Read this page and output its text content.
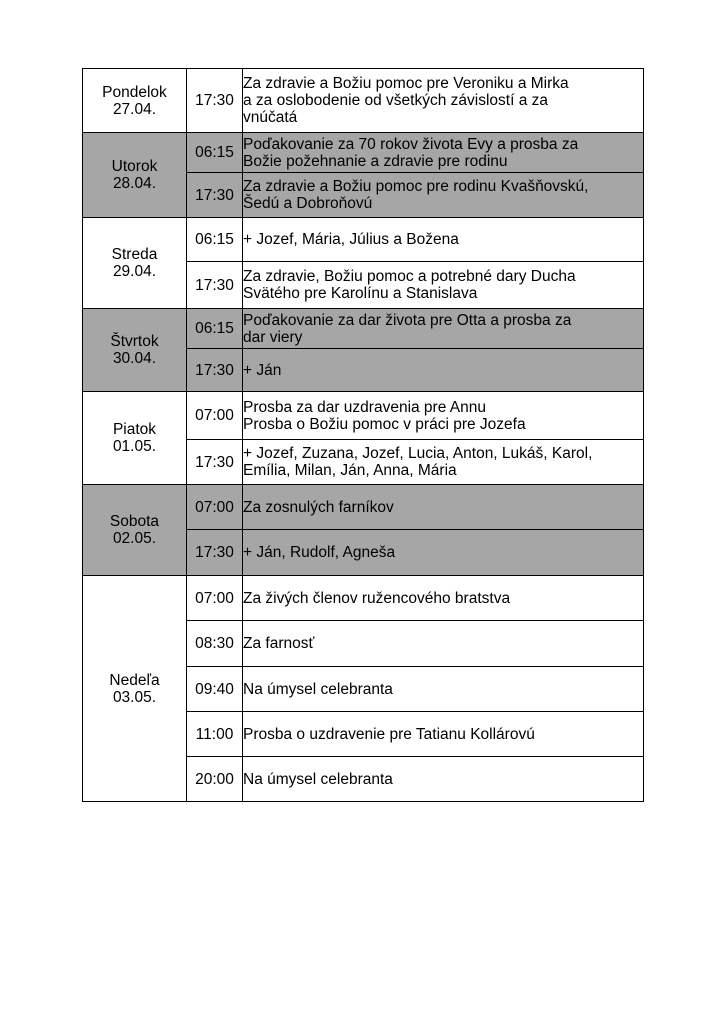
Pondelok
27.04.	17:30	Za zdravie a Božiu pomoc pre Veroniku a Mirka
a za oslobodenie od všetkých závislostí a za
vnúčatá

Utorok
28.04.	06:15	Poďakovanie za 70 rokov života Evy a prosba za
Božie požehnanie a zdravie pre rodinu

	17:30	Za zdravie a Božiu pomoc pre rodinu Kvašňovskú,
Šedú a Dobroňovú

Streda
29.04.	06:15	+ Jozef, Mária, Július a Božena

	17:30	Za zdravie, Božiu pomoc a potrebné dary Ducha
Svätého pre Karolínu a Stanislava

Štvrtok
30.04.	06:15	Poďakovanie za dar života pre Otta a prosba za
dar viery

	17:30	+ Ján

Piatok
01.05.	07:00	Prosba za dar uzdravenia pre Annu
Prosba o Božiu pomoc v práci pre Jozefa

	17:30	+ Jozef, Zuzana, Jozef, Lucia, Anton, Lukáš, Karol,
Emília, Milan, Ján, Anna, Mária

Sobota
02.05.	07:00	Za zosnulých farníkov

	17:30	+ Ján, Rudolf, Agneša

Nedeľa
03.05.	07:00	Za živých členov ružencového bratstva

	08:30	Za farnosť

	09:40	Na úmysel celebranta

	11:00	Prosba o uzdravenie pre Tatianu Kollárovú

	20:00	Na úmysel celebranta
